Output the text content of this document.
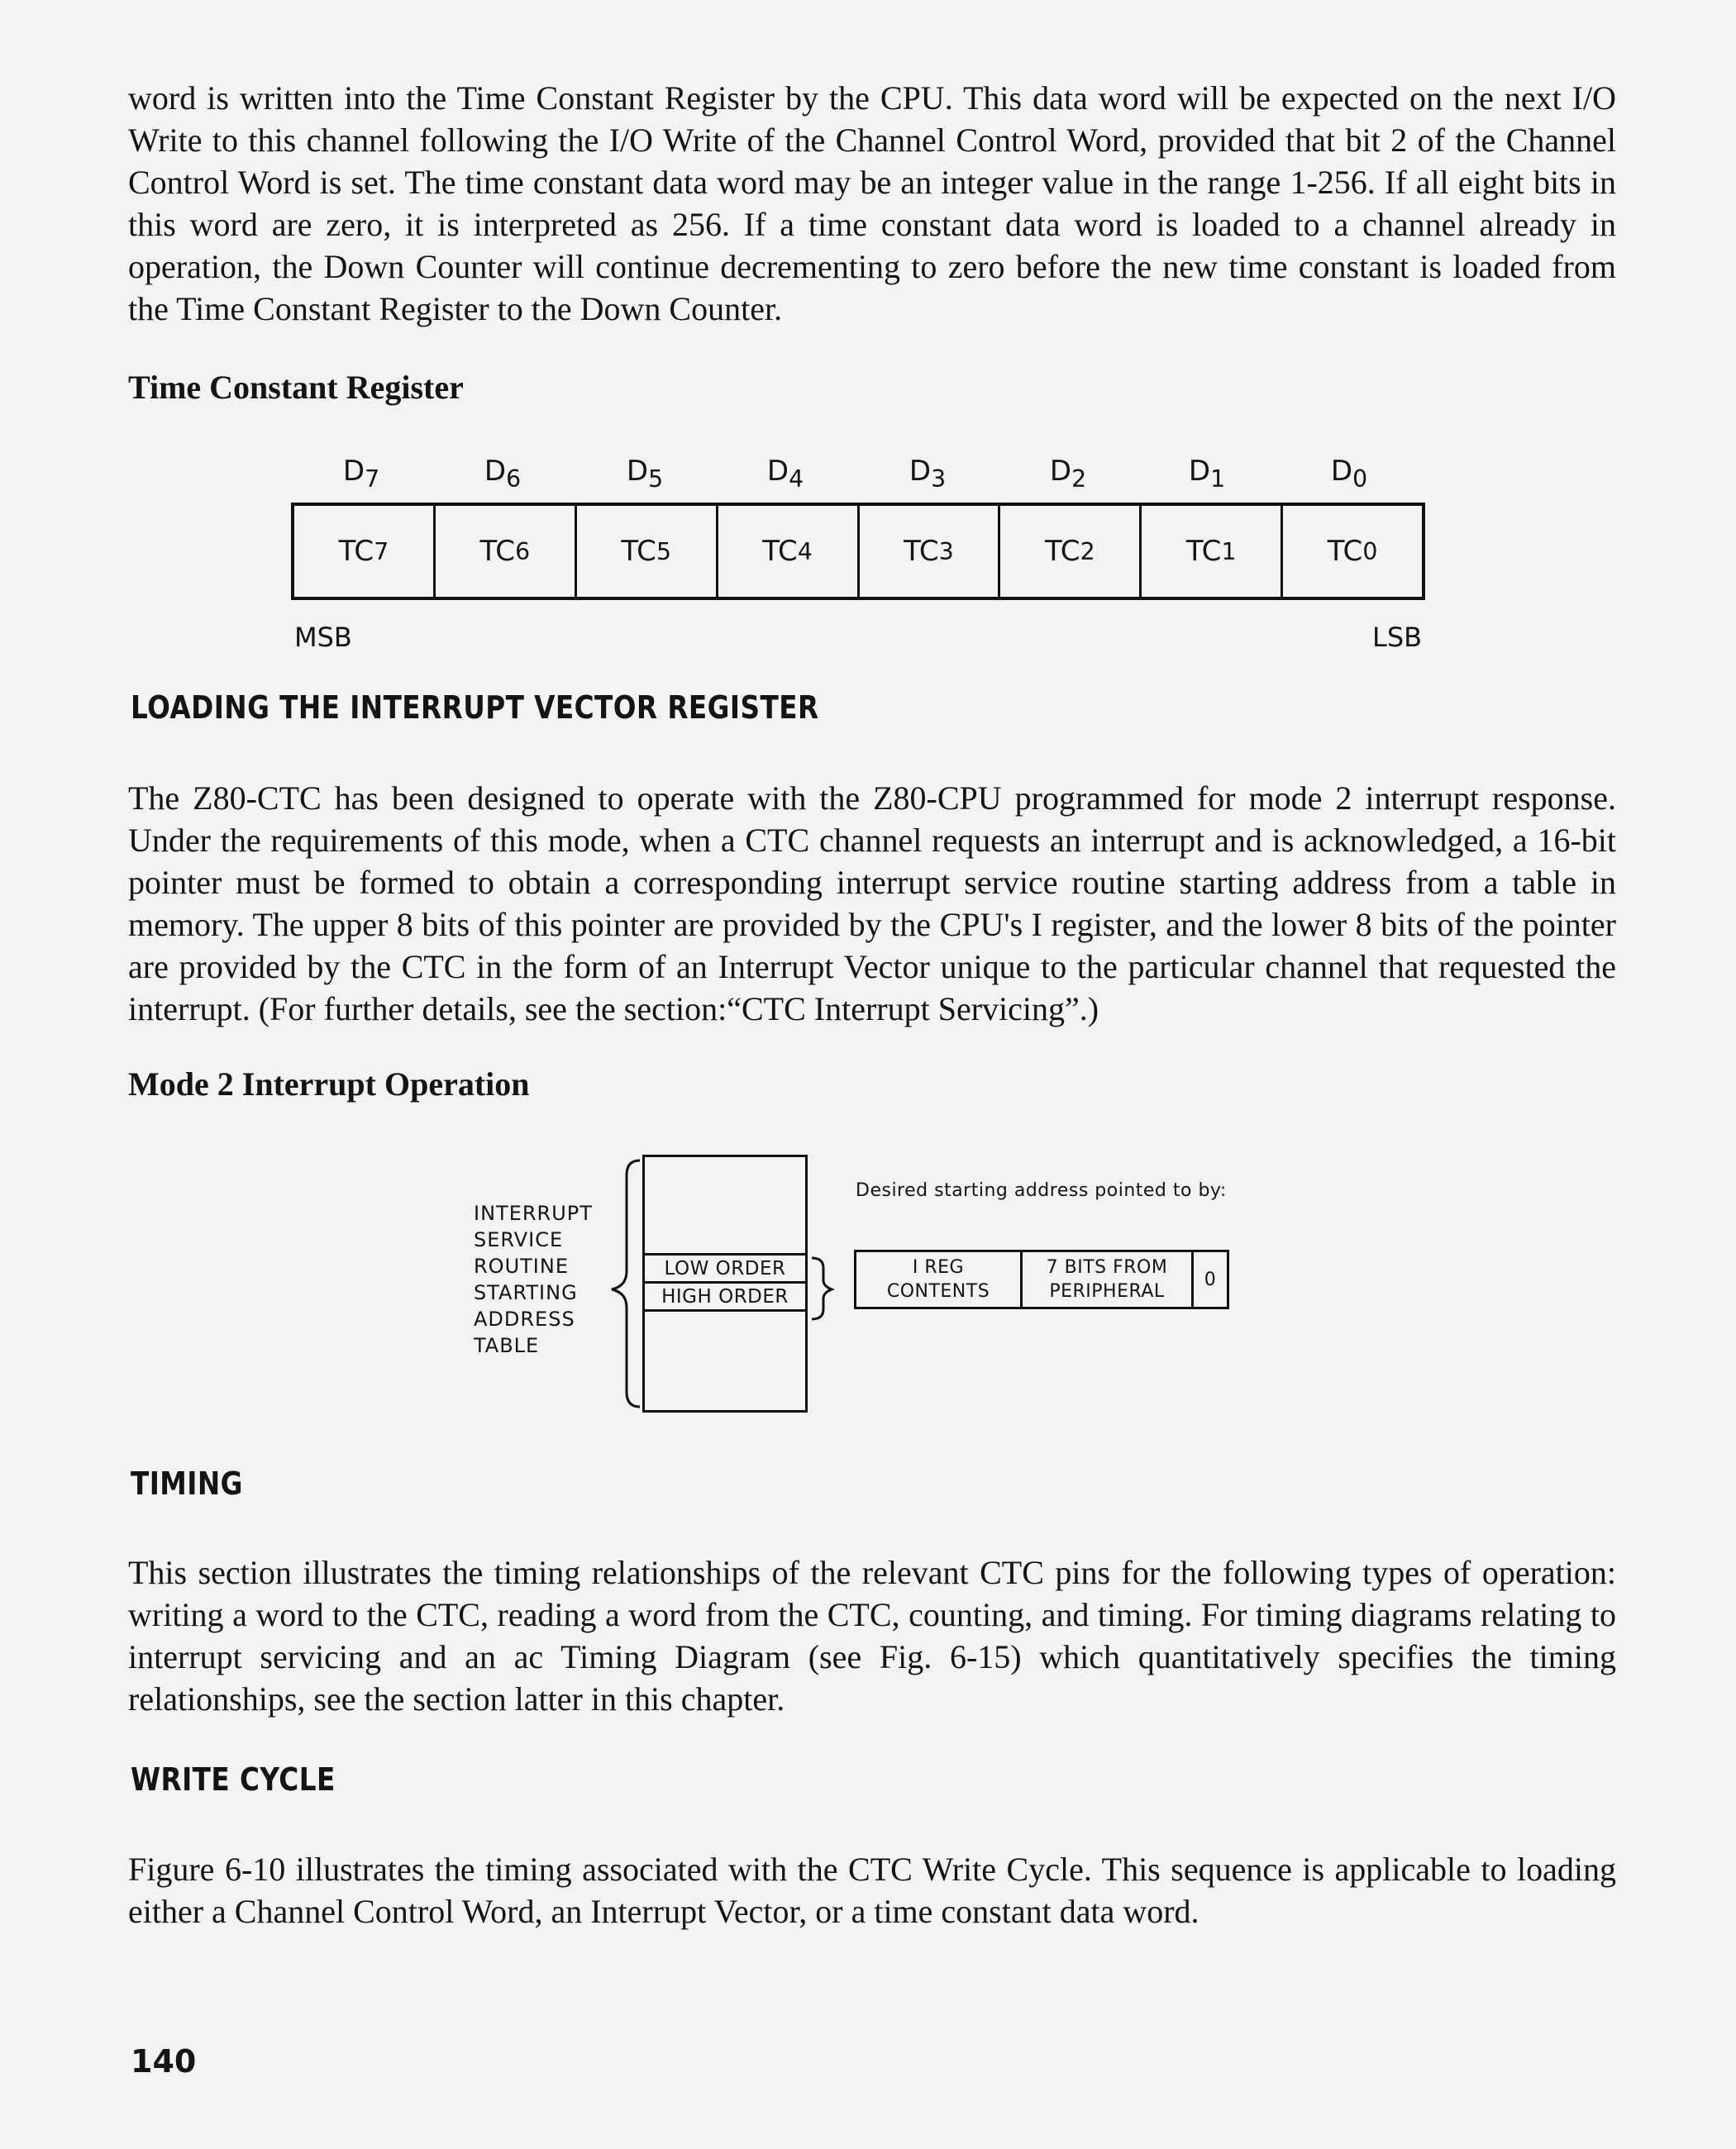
word is written into the Time Constant Register by the CPU. This data word will be expected on the next I/O Write to this channel following the I/O Write of the Channel Control Word, provided that bit 2 of the Channel Control Word is set. The time constant data word may be an integer value in the range 1-256. If all eight bits in this word are zero, it is interpreted as 256. If a time constant data word is loaded to a channel already in operation, the Down Counter will continue decrementing to zero before the new time constant is loaded from the Time Constant Register to the Down Counter.
Time Constant Register
$D_7$	$D_6$	$D_5$	$D_4$	$D_3$	$D_2$	$D_1$	$D_0$
TC 7	TC 6	TC 5	TC 4	TC 3	TC 2	TC 1	TC 0
MSB	LSB
LOADING THE INTERRUPT VECTOR REGISTER
The Z80-CTC has been designed to operate with the Z80-CPU programmed for mode 2 interrupt response. Under the requirements of this mode, when a CTC channel requests an interrupt and is acknowledged, a 16-bit pointer must be formed to obtain a corresponding interrupt service routine starting address from a table in memory. The upper 8 bits of this pointer are provided by the CPU's I register, and the lower 8 bits of the pointer are provided by the CTC in the form of an Interrupt Vector unique to the particular channel that requested the interrupt. (For further details, see the section:“CTC Interrupt Servicing”.)
Mode 2 Interrupt Operation
INTERRUPT
SERVICE
ROUTINE
STARTING
ADDRESS
TABLE
LOW ORDER
HIGH ORDER
Desired starting address pointed to by:
I REG
CONTENTS
7 BITS FROM
PERIPHERAL
0
TIMING
This section illustrates the timing relationships of the relevant CTC pins for the following types of operation: writing a word to the CTC, reading a word from the CTC, counting, and timing. For timing diagrams relating to interrupt servicing and an ac Timing Diagram (see Fig. 6-15) which quantitatively specifies the timing relationships, see the section latter in this chapter.
WRITE CYCLE
Figure 6-10 illustrates the timing associated with the CTC Write Cycle. This sequence is applicable to loading either a Channel Control Word, an Interrupt Vector, or a time constant data word.
140
